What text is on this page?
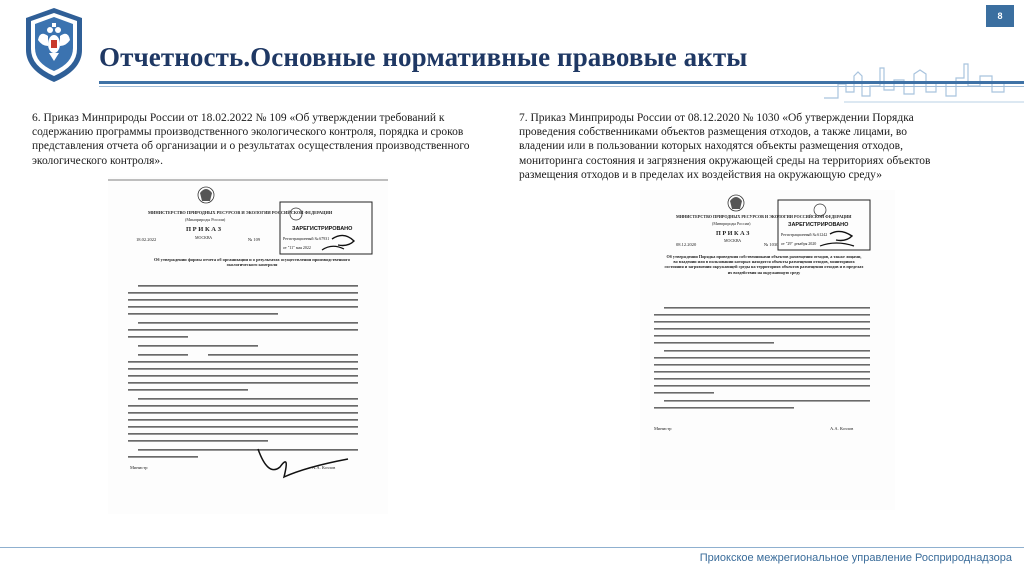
8
Отчетность.Основные нормативные правовые акты
6. Приказ Минприроды России от 18.02.2022 № 109 «Об утверждении требований к содержанию программы производственного экологического контроля, порядка и сроков представления отчета об организации и о результатах осуществления производственного экологического контроля».
7. Приказ Минприроды России от 08.12.2020 № 1030 «Об утверждении Порядка проведения собственниками объектов размещения отходов, а также лицами, во владении или в пользовании которых находятся объекты размещения отходов, мониторинга состояния и загрязнения окружающей среды на территориях объектов размещения отходов и в пределах их воздействия на окружающую среду»
МИНИСТЕРСТВО ПРИРОДНЫХ РЕСУРСОВ И ЭКОЛОГИИ РОССИЙСКОЙ ФЕДЕРАЦИИ
(Минприроды России)
П Р И К А З
МОСКВА
18.02.2022	№ 109
ЗАРЕГИСТРИРОВАНО
Регистрационный № 67931
от "11" мая 2022
Об утверждении формы отчета об организации и о результатах осуществления производственного экологического контроля
Министр	А.А. Козлов
МИНИСТЕРСТВО ПРИРОДНЫХ РЕСУРСОВ И ЭКОЛОГИИ РОССИЙСКОЙ ФЕДЕРАЦИИ
(Минприроды России)
П Р И К А З
МОСКВА
08.12.2020	№ 1030
ЗАРЕГИСТРИРОВАНО
Регистрационный № 61242
от "29" декабря 2020
Об утверждении Порядка проведения собственниками объектов размещения отходов, а также лицами, во владении или в пользовании которых находятся объекты размещения отходов, мониторинга состояния и загрязнения окружающей среды на территориях объектов размещения отходов и в пределах их воздействия на окружающую среду
Министр	А.А. Козлов
Приокское межрегиональное управление Росприроднадзора
